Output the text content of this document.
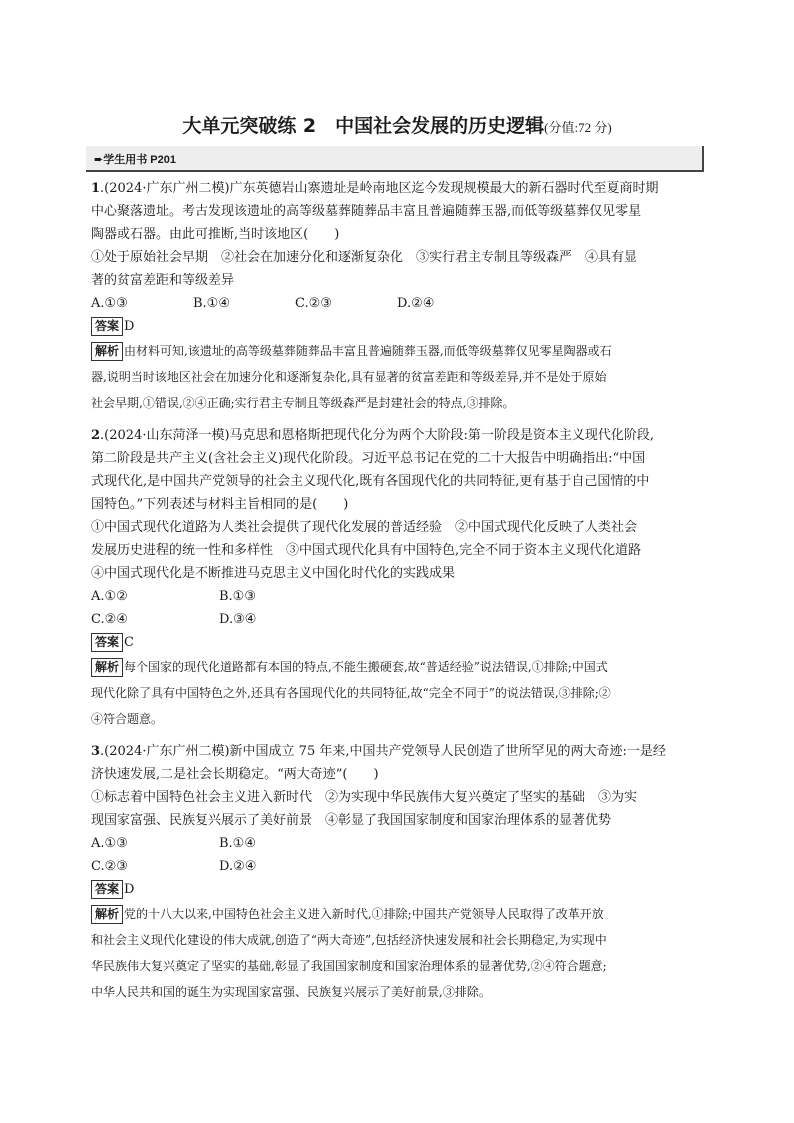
大单元突破练 2　中国社会发展的历史逻辑(分值:72 分)
➨学生用书 P201
1.(2024·广东广州二模)广东英德岩山寨遗址是岭南地区迄今发现规模最大的新石器时代至夏商时期
中心聚落遗址。考古发现该遗址的高等级墓葬随葬品丰富且普遍随葬玉器,而低等级墓葬仅见零星
陶器或石器。由此可推断,当时该地区(　　)
①处于原始社会早期　②社会在加速分化和逐渐复杂化　③实行君主专制且等级森严　④具有显
著的贫富差距和等级差异
A.①③	B.①④	C.②③	D.②④
答案 D
解析 由材料可知,该遗址的高等级墓葬随葬品丰富且普遍随葬玉器,而低等级墓葬仅见零星陶器或石
器,说明当时该地区社会在加速分化和逐渐复杂化,具有显著的贫富差距和等级差异,并不是处于原始
社会早期,①错误,②④正确;实行君主专制且等级森严是封建社会的特点,③排除。
2.(2024·山东菏泽一模)马克思和恩格斯把现代化分为两个大阶段:第一阶段是资本主义现代化阶段,
第二阶段是共产主义(含社会主义)现代化阶段。习近平总书记在党的二十大报告中明确指出:“中国
式现代化,是中国共产党领导的社会主义现代化,既有各国现代化的共同特征,更有基于自己国情的中
国特色。”下列表述与材料主旨相同的是(　　)
①中国式现代化道路为人类社会提供了现代化发展的普适经验　②中国式现代化反映了人类社会
发展历史进程的统一性和多样性　③中国式现代化具有中国特色,完全不同于资本主义现代化道路
④中国式现代化是不断推进马克思主义中国化时代化的实践成果
A.①②	B.①③
C.②④	D.③④
答案 C
解析 每个国家的现代化道路都有本国的特点,不能生搬硬套,故“普适经验”说法错误,①排除;中国式
现代化除了具有中国特色之外,还具有各国现代化的共同特征,故“完全不同于”的说法错误,③排除;②
④符合题意。
3.(2024·广东广州二模)新中国成立 75 年来,中国共产党领导人民创造了世所罕见的两大奇迹:一是经
济快速发展,二是社会长期稳定。“两大奇迹”(　　)
①标志着中国特色社会主义进入新时代　②为实现中华民族伟大复兴奠定了坚实的基础　③为实
现国家富强、民族复兴展示了美好前景　④彰显了我国国家制度和国家治理体系的显著优势
A.①③	B.①④
C.②③	D.②④
答案 D
解析 党的十八大以来,中国特色社会主义进入新时代,①排除;中国共产党领导人民取得了改革开放
和社会主义现代化建设的伟大成就,创造了“两大奇迹”,包括经济快速发展和社会长期稳定,为实现中
华民族伟大复兴奠定了坚实的基础,彰显了我国国家制度和国家治理体系的显著优势,②④符合题意;
中华人民共和国的诞生为实现国家富强、民族复兴展示了美好前景,③排除。
